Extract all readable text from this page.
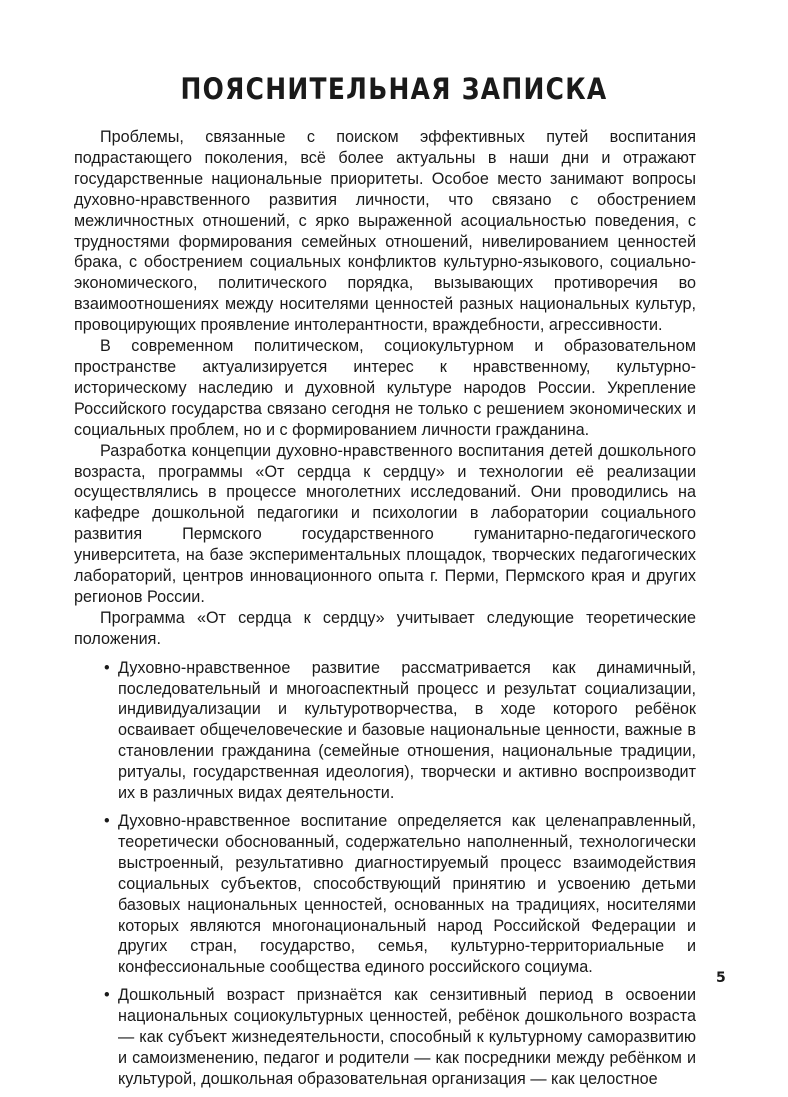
ПОЯСНИТЕЛЬНАЯ ЗАПИСКА

Проблемы, связанные с поиском эффективных путей воспитания подрастающего поколения, всё более актуальны в наши дни и отражают государственные национальные приоритеты. Особое место занимают вопросы духовно-нравственного развития личности, что связано с обострением межличностных отношений, с ярко выраженной асоциальностью поведения, с трудностями формирования семейных отношений, нивелированием ценностей брака, с обострением социальных конфликтов культурно-языкового, социально-экономического, политического порядка, вызывающих противоречия во взаимоотношениях между носителями ценностей разных национальных культур, провоцирующих проявление интолерантности, враждебности, агрессивности.

В современном политическом, социокультурном и образовательном пространстве актуализируется интерес к нравственному, культурно-историческому наследию и духовной культуре народов России. Укрепление Российского государства связано сегодня не только с решением экономических и социальных проблем, но и с формированием личности гражданина.

Разработка концепции духовно-нравственного воспитания детей дошкольного возраста, программы «От сердца к сердцу» и технологии её реализации осуществлялись в процессе многолетних исследований. Они проводились на кафедре дошкольной педагогики и психологии в лаборатории социального развития Пермского государственного гуманитарно-педагогического университета, на базе экспериментальных площадок, творческих педагогических лабораторий, центров инновационного опыта г. Перми, Пермского края и других регионов России.

Программа «От сердца к сердцу» учитывает следующие теоретические положения.

• Духовно-нравственное развитие рассматривается как динамичный, последовательный и многоаспектный процесс и результат социализации, индивидуализации и культуротворчества, в ходе которого ребёнок осваивает общечеловеческие и базовые национальные ценности, важные в становлении гражданина (семейные отношения, национальные традиции, ритуалы, государственная идеология), творчески и активно воспроизводит их в различных видах деятельности.
• Духовно-нравственное воспитание определяется как целенаправленный, теоретически обоснованный, содержательно наполненный, технологически выстроенный, результативно диагностируемый процесс взаимодействия социальных субъектов, способствующий принятию и усвоению детьми базовых национальных ценностей, основанных на традициях, носителями которых являются многонациональный народ Российской Федерации и других стран, государство, семья, культурно-территориальные и конфессиональные сообщества единого российского социума.
• Дошкольный возраст признаётся как сензитивный период в освоении национальных социокультурных ценностей, ребёнок дошкольного возраста — как субъект жизнедеятельности, способный к культурному саморазвитию и самоизменению, педагог и родители — как посредники между ребёнком и культурой, дошкольная образовательная организация — как целостное
5
